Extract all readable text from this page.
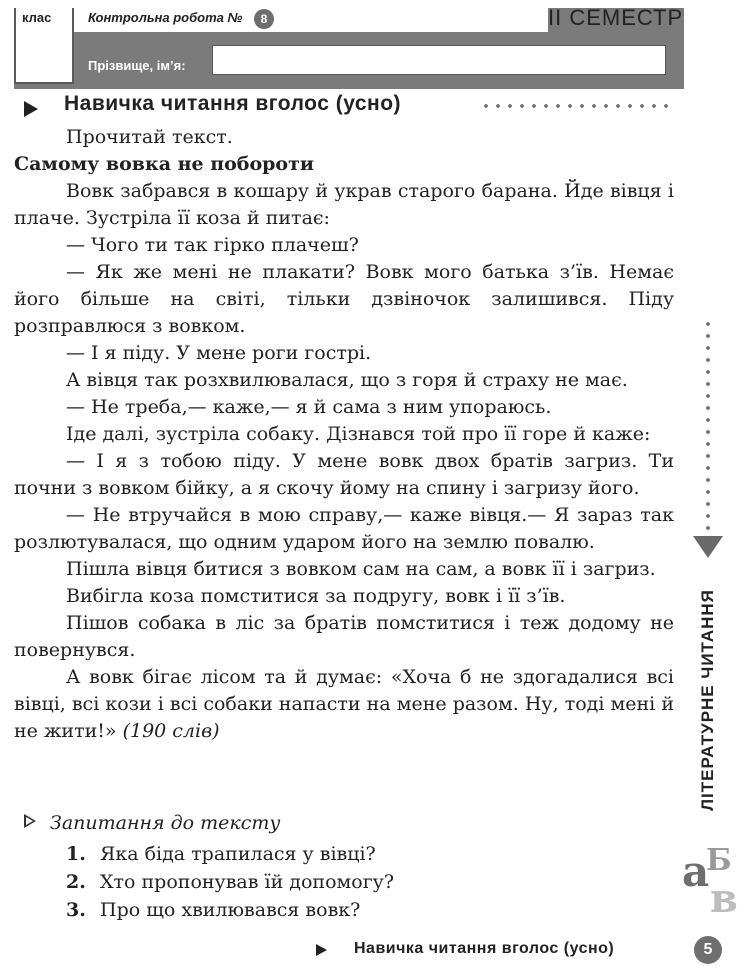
клас	Контрольна робота №	8	II СЕМЕСТР
Прізвище, ім’я:
Навичка читання вголос (усно)

Прочитай текст.

Самому вовка не побороти

Вовк забрався в кошару й украв старого барана. Йде вівця і плаче. Зустріла її коза й питає:

— Чого ти так гірко плачеш?

— Як же мені не плакати? Вовк мого батька з’їв. Немає його більше на світі, тільки дзвіночок залишився. Піду розправлюся з вовком.

— І я піду. У мене роги гострі.

А вівця так розхвилювалася, що з горя й страху не має.

— Не треба,— каже,— я й сама з ним упораюсь.

Іде далі, зустріла собаку. Дізнався той про її горе й каже:

— І я з тобою піду. У мене вовк двох братів загриз. Ти почни з вовком бійку, а я скочу йому на спину і загризу його.

— Не втручайся в мою справу,— каже вівця.— Я зараз так розлютувалася, що одним ударом його на землю повалю.

Пішла вівця битися з вовком сам на сам, а вовк її і загриз.

Вибігла коза помститися за подругу, вовк і її з’їв.

Пішов собака в ліс за братів помститися і теж додому не повернувся.

А вовк бігає лісом та й думає: «Хоча б не здогадалися всі вівці, всі кози і всі собаки напасти на мене разом. Ну, тоді мені й не жити!» (190 слів)

Запитання до тексту
1. Яка біда трапилася у вівці?
2. Хто пропонував їй допомогу?
3. Про що хвилювався вовк?
ЛІТЕРАТУРНЕ ЧИТАННЯ
а
Б
в
Навичка читання вголос (усно)	5
